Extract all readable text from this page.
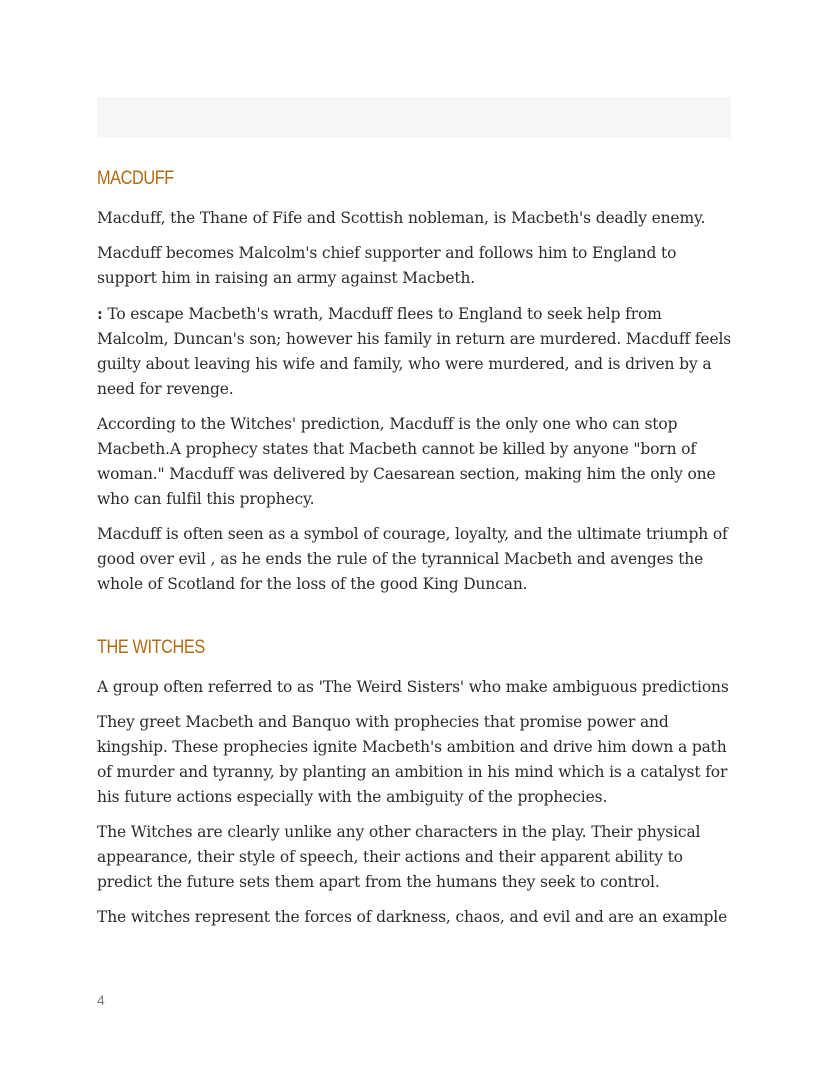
MACDUFF

Macduff, the Thane of Fife and Scottish nobleman, is Macbeth's deadly enemy.

Macduff becomes Malcolm's chief supporter and follows him to England to support him in raising an army against Macbeth.

: To escape Macbeth's wrath, Macduff flees to England to seek help from Malcolm, Duncan's son; however his family in return are murdered. Macduff feels guilty about leaving his wife and family, who were murdered, and is driven by a need for revenge.

According to the Witches' prediction, Macduff is the only one who can stop Macbeth.A prophecy states that Macbeth cannot be killed by anyone "born of woman." Macduff was delivered by Caesarean section, making him the only one who can fulfil this prophecy.

Macduff is often seen as a symbol of courage, loyalty, and the ultimate triumph of good over evil , as he ends the rule of the tyrannical Macbeth and avenges the whole of Scotland for the loss of the good King Duncan.

THE WITCHES

A group often referred to as 'The Weird Sisters' who make ambiguous predictions

They greet Macbeth and Banquo with prophecies that promise power and kingship. These prophecies ignite Macbeth's ambition and drive him down a path of murder and tyranny, by planting an ambition in his mind which is a catalyst for his future actions especially with the ambiguity of the prophecies.

The Witches are clearly unlike any other characters in the play. Their physical appearance, their style of speech, their actions and their apparent ability to predict the future sets them apart from the humans they seek to control.

The witches represent the forces of darkness, chaos, and evil and are an example

4
